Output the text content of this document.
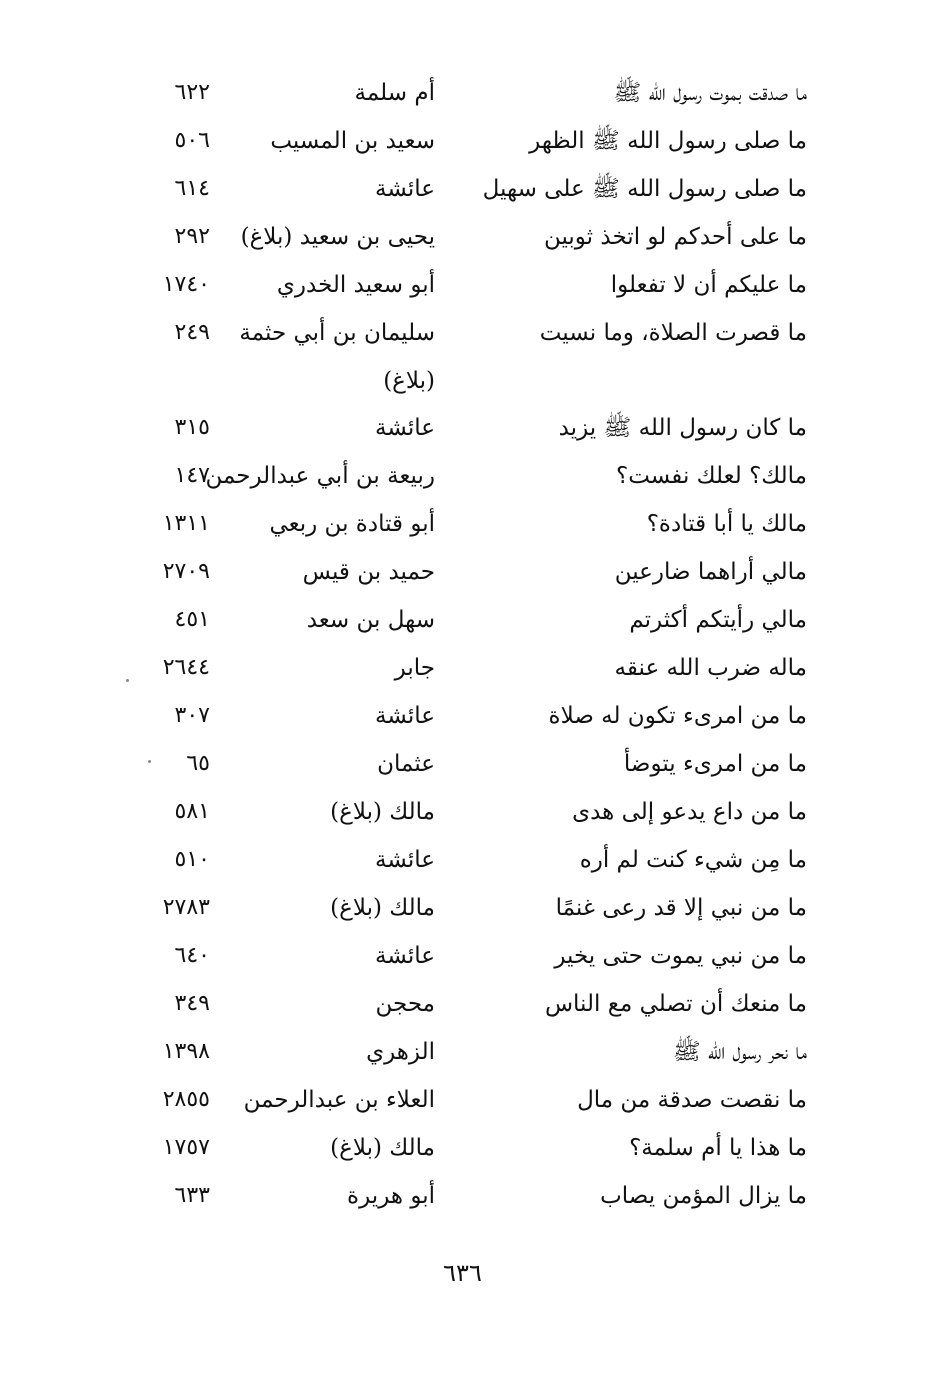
ما صدقت بموت رسول الله ﷺ
أم سلمة
٦٢٢
ما صلى رسول الله ﷺ الظهر
سعيد بن المسيب
٥٠٦
ما صلى رسول الله ﷺ على سهيل
عائشة
٦١٤
ما على أحدكم لو اتخذ ثوبين
يحيى بن سعيد (بلاغ)
٢٩٢
ما عليكم أن لا تفعلوا
أبو سعيد الخدري
١٧٤٠
ما قصرت الصلاة، وما نسيت
سليمان بن أبي حثمة
٢٤٩
(بلاغ)
ما كان رسول الله ﷺ يزيد
عائشة
٣١٥
مالك؟ لعلك نفست؟
ربيعة بن أبي عبدالرحمن
١٤٧
مالك يا أبا قتادة؟
أبو قتادة بن ربعي
١٣١١
مالي أراهما ضارعين
حميد بن قيس
٢٧٠٩
مالي رأيتكم أكثرتم
سهل بن سعد
٤٥١
ماله ضرب الله عنقه
جابر
٢٦٤٤
ما من امرىء تكون له صلاة
عائشة
٣٠٧
ما من امرىء يتوضأ
عثمان
٦٥
ما من داع يدعو إلى هدى
مالك (بلاغ)
٥٨١
ما مِن شيء كنت لم أره
عائشة
٥١٠
ما من نبي إلا قد رعى غنمًا
مالك (بلاغ)
٢٧٨٣
ما من نبي يموت حتى يخير
عائشة
٦٤٠
ما منعك أن تصلي مع الناس
محجن
٣٤٩
ما نحر رسول الله ﷺ
الزهري
١٣٩٨
ما نقصت صدقة من مال
العلاء بن عبدالرحمن
٢٨٥٥
ما هذا يا أم سلمة؟
مالك (بلاغ)
١٧٥٧
ما يزال المؤمن يصاب
أبو هريرة
٦٣٣
٦٣٦
